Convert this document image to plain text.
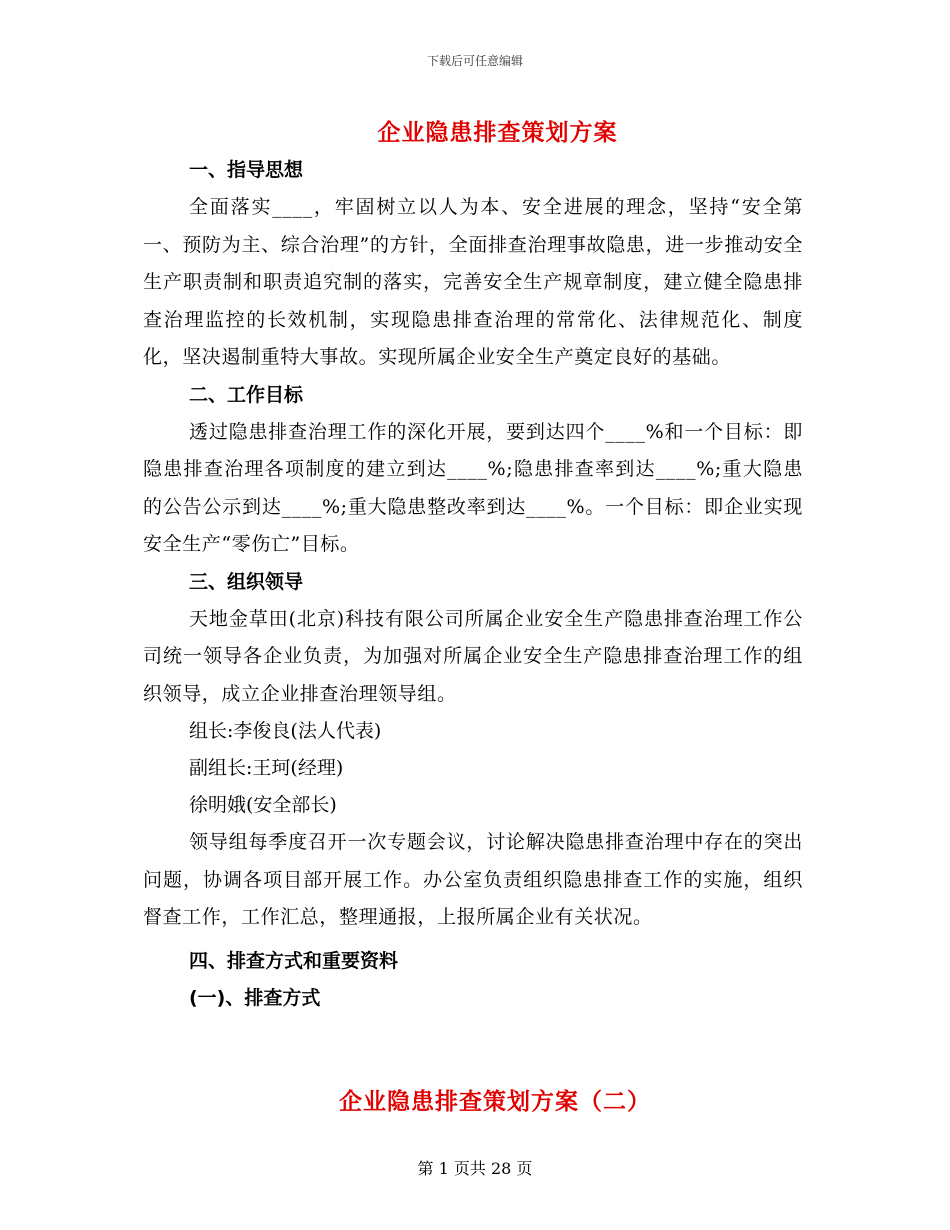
下载后可任意编辑
企业隐患排查策划方案

一、指导思想

全面落实____，牢固树立以人为本、安全进展的理念，坚持“安全第一、预防为主、综合治理”的方针，全面排查治理事故隐患，进一步推动安全生产职责制和职责追究制的落实，完善安全生产规章制度，建立健全隐患排查治理监控的长效机制，实现隐患排查治理的常常化、法律规范化、制度化，坚决遏制重特大事故。实现所属企业安全生产奠定良好的基础。

二、工作目标

透过隐患排查治理工作的深化开展，要到达四个____%和一个目标：即隐患排查治理各项制度的建立到达____%;隐患排查率到达____%;重大隐患的公告公示到达____%;重大隐患整改率到达____%。一个目标：即企业实现安全生产“零伤亡”目标。

三、组织领导

天地金草田(北京)科技有限公司所属企业安全生产隐患排查治理工作公司统一领导各企业负责，为加强对所属企业安全生产隐患排查治理工作的组织领导，成立企业排查治理领导组。

组长:李俊良(法人代表)

副组长:王珂(经理)

徐明娥(安全部长)

领导组每季度召开一次专题会议，讨论解决隐患排查治理中存在的突出问题，协调各项目部开展工作。办公室负责组织隐患排查工作的实施，组织督查工作，工作汇总，整理通报，上报所属企业有关状况。

四、排查方式和重要资料

(一)、排查方式

企业隐患排查策划方案（二）
第 1 页共 28 页
